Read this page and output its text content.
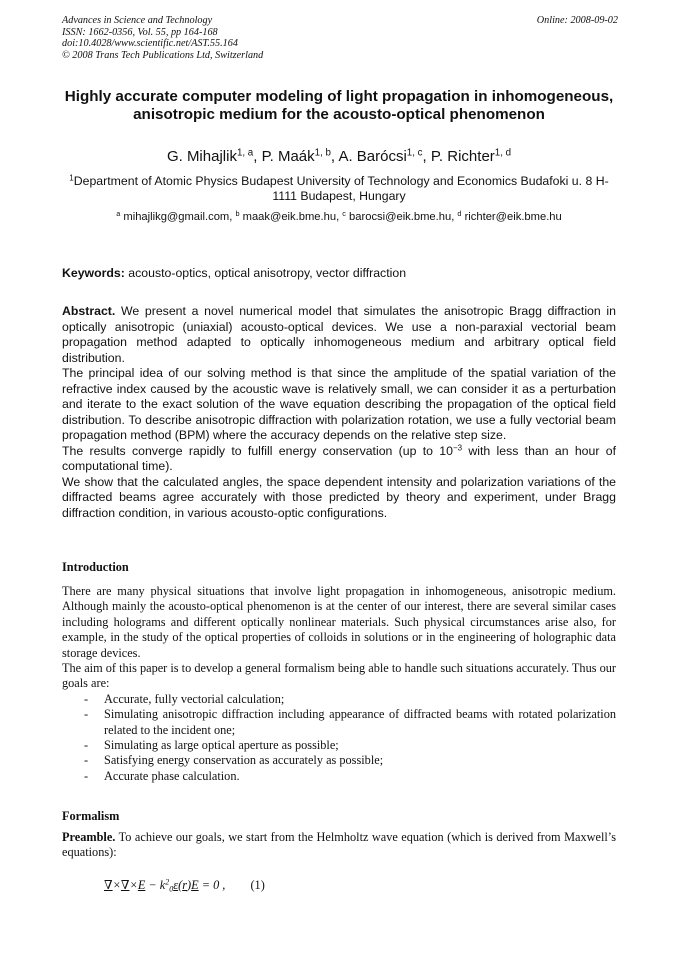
Advances in Science and Technology
ISSN: 1662-0356, Vol. 55, pp 164-168
doi:10.4028/www.scientific.net/AST.55.164
© 2008 Trans Tech Publications Ltd, Switzerland
Online: 2008-09-02
Highly accurate computer modeling of light propagation in inhomogeneous, anisotropic medium for the acousto-optical phenomenon
G. Mihajlik$^{1, a}$, P. Maák$^{1, b}$, A. Barócsi$^{1, c}$, P. Richter$^{1, d}$
$^1$Department of Atomic Physics Budapest University of Technology and Economics Budafoki u. 8 H-1111 Budapest, Hungary
$^a$ mihajlikg@gmail.com, $^b$ maak@eik.bme.hu, $^c$ barocsi@eik.bme.hu, $^d$ richter@eik.bme.hu
Keywords: acousto-optics, optical anisotropy, vector diffraction

Abstract. We present a novel numerical model that simulates the anisotropic Bragg diffraction in optically anisotropic (uniaxial) acousto-optical devices. We use a non-paraxial vectorial beam propagation method adapted to optically inhomogeneous medium and arbitrary optical field distribution.

The principal idea of our solving method is that since the amplitude of the spatial variation of the refractive index caused by the acoustic wave is relatively small, we can consider it as a perturbation and iterate to the exact solution of the wave equation describing the propagation of the optical field distribution. To describe anisotropic diffraction with polarization rotation, we use a fully vectorial beam propagation method (BPM) where the accuracy depends on the relative step size.

The results converge rapidly to fulfill energy conservation (up to $10^{-3}$ with less than an hour of computational time).

We show that the calculated angles, the space dependent intensity and polarization variations of the diffracted beams agree accurately with those predicted by theory and experiment, under Bragg diffraction condition, in various acousto-optic configurations.

Introduction

There are many physical situations that involve light propagation in inhomogeneous, anisotropic medium. Although mainly the acousto-optical phenomenon is at the center of our interest, there are several similar cases including holograms and different optically nonlinear materials. Such physical circumstances arise also, for example, in the study of the optical properties of colloids in solutions or in the engineering of holographic data storage devices.

The aim of this paper is to develop a general formalism being able to handle such situations accurately. Thus our goals are:

- Accurate, fully vectorial calculation;
- Simulating anisotropic diffraction including appearance of diffracted beams with rotated polarization related to the incident one;
- Simulating as large optical aperture as possible;
- Satisfying energy conservation as accurately as possible;
- Accurate phase calculation.
Formalism

Preamble. To achieve our goals, we start from the Helmholtz wave equation (which is derived from Maxwell’s equations):

$\nabla\times\nabla\times E - k^20\varepsilon(r)E = 0$ , (1)
